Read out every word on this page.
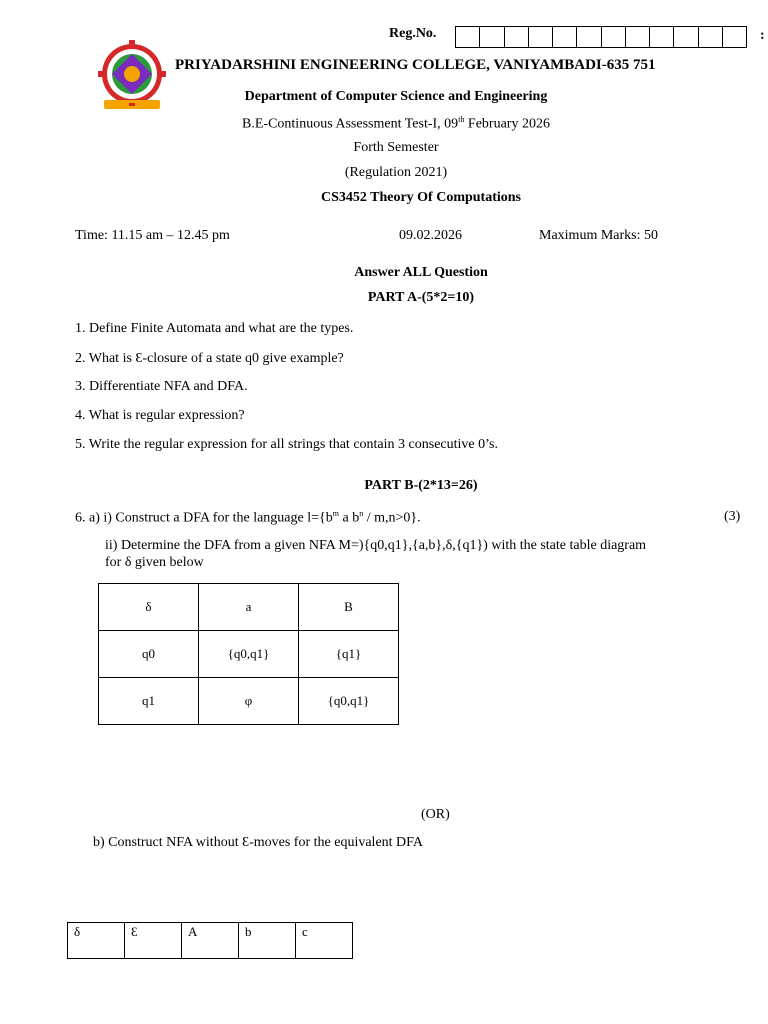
Reg.No.	:
PRIYADARSHINI ENGINEERING COLLEGE, VANIYAMBADI-635 751
Department of Computer Science and Engineering
B.E-Continuous Assessment Test-I, 09th February 2026
Forth Semester
(Regulation 2021)
CS3452 Theory Of Computations
Time: 11.15 am – 12.45 pm	09.02.2026	Maximum Marks: 50
Answer ALL Question
PART A-(5*2=10)
1. Define Finite Automata and what are the types.
2. What is Ɛ-closure of a state q0 give example?
3. Differentiate NFA and DFA.
4. What is regular expression?
5. Write the regular expression for all strings that contain 3 consecutive 0’s.
PART B-(2*13=26)
6. a) i) Construct a DFA for the language $l=\{b^m$ a $b^n / m,n>0$}.	(3)
ii) Determine the DFA from a given NFA M=){q0,q1},{a,b},δ,{q1}) with the state table diagram
for δ given below
δ	a	B
q0	{q0,q1}	{q1}
q1	φ	{q0,q1}
(OR)
b) Construct NFA without Ɛ-moves for the equivalent DFA
δ	Ɛ	A	b	c
